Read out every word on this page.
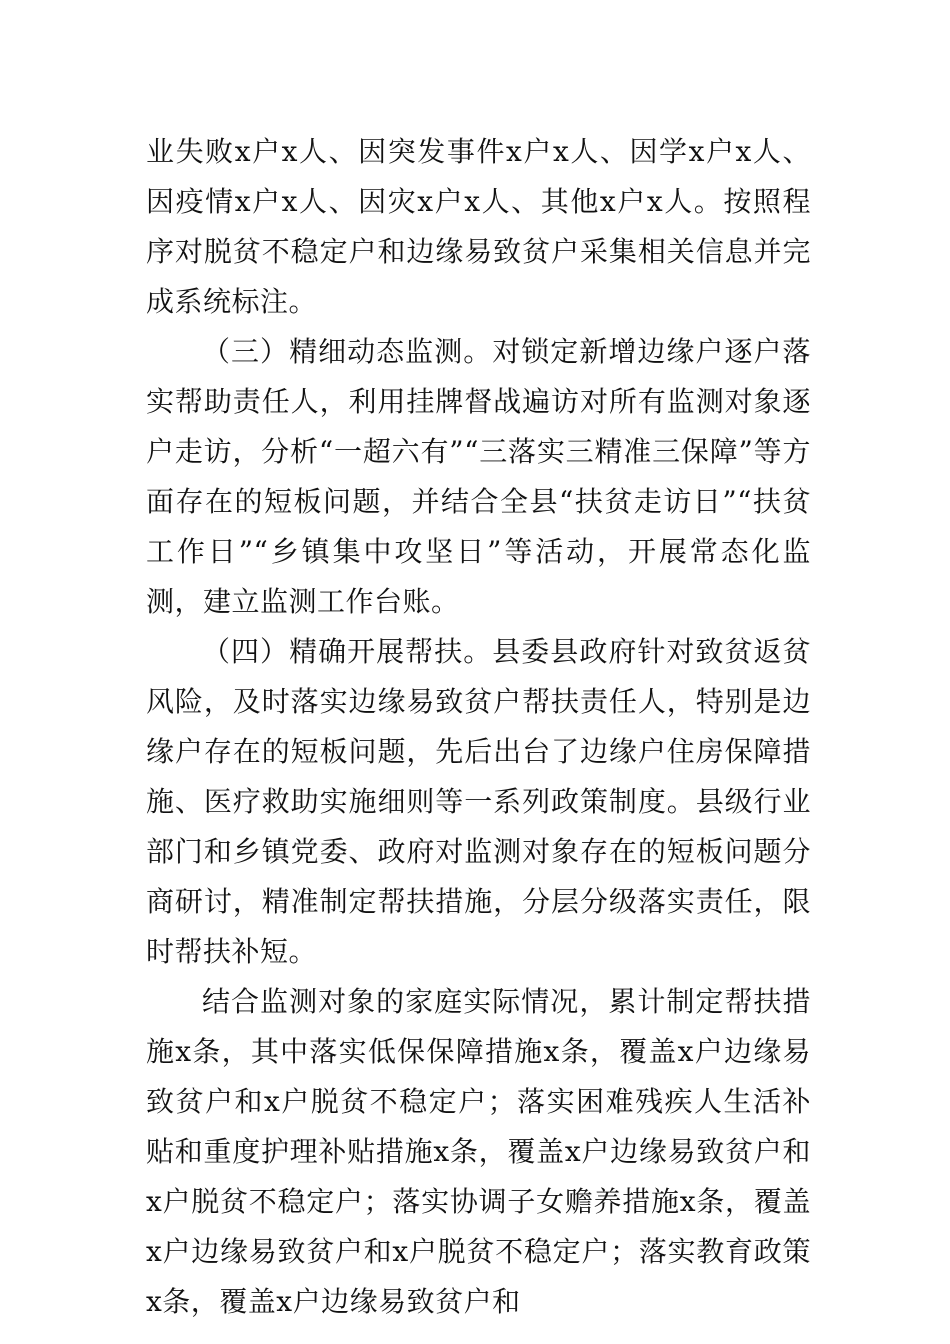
业失败x户x人、因突发事件x户x人、因学x户x人、因疫情x户x人、因灾x户x人、其他x户x人。按照程序对脱贫不稳定户和边缘易致贫户采集相关信息并完成系统标注。

（三）精细动态监测。对锁定新增边缘户逐户落实帮助责任人，利用挂牌督战遍访对所有监测对象逐户走访，分析“一超六有”“三落实三精准三保障”等方面存在的短板问题，并结合全县“扶贫走访日”“扶贫工作日”“乡镇集中攻坚日”等活动，开展常态化监测，建立监测工作台账。

（四）精确开展帮扶。县委县政府针对致贫返贫风险，及时落实边缘易致贫户帮扶责任人，特别是边缘户存在的短板问题，先后出台了边缘户住房保障措施、医疗救助实施细则等一系列政策制度。县级行业部门和乡镇党委、政府对监测对象存在的短板问题分商研讨，精准制定帮扶措施，分层分级落实责任，限时帮扶补短。

结合监测对象的家庭实际情况，累计制定帮扶措施x条，其中落实低保保障措施x条，覆盖x户边缘易致贫户和x户脱贫不稳定户；落实困难残疾人生活补贴和重度护理补贴措施x条，覆盖x户边缘易致贫户和x户脱贫不稳定户；落实协调子女赡养措施x条，覆盖x户边缘易致贫户和x户脱贫不稳定户；落实教育政策x条，覆盖x户边缘易致贫户和
